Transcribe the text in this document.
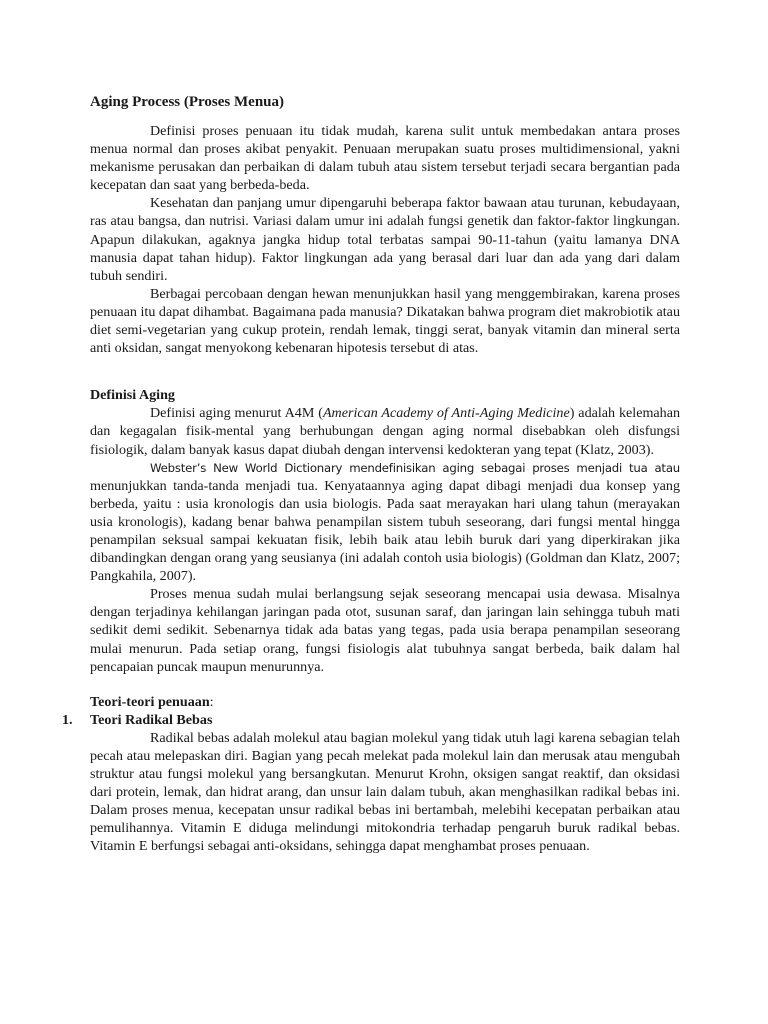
Aging Process (Proses Menua)

Definisi proses penuaan itu tidak mudah, karena sulit untuk membedakan antara proses menua normal dan proses akibat penyakit. Penuaan merupakan suatu proses multidimensional, yakni mekanisme perusakan dan perbaikan di dalam tubuh atau sistem tersebut terjadi secara bergantian pada kecepatan dan saat yang berbeda-beda.

Kesehatan dan panjang umur dipengaruhi beberapa faktor bawaan atau turunan, kebudayaan, ras atau bangsa, dan nutrisi. Variasi dalam umur ini adalah fungsi genetik dan faktor-faktor lingkungan. Apapun dilakukan, agaknya jangka hidup total terbatas sampai 90-11-tahun (yaitu lamanya DNA manusia dapat tahan hidup). Faktor lingkungan ada yang berasal dari luar dan ada yang dari dalam tubuh sendiri.

Berbagai percobaan dengan hewan menunjukkan hasil yang menggembirakan, karena proses penuaan itu dapat dihambat. Bagaimana pada manusia? Dikatakan bahwa program diet makrobiotik atau diet semi-vegetarian yang cukup protein, rendah lemak, tinggi serat, banyak vitamin dan mineral serta anti oksidan, sangat menyokong kebenaran hipotesis tersebut di atas.

Definisi Aging

Definisi aging menurut A4M (American Academy of Anti-Aging Medicine) adalah kelemahan dan kegagalan fisik-mental yang berhubungan dengan aging normal disebabkan oleh disfungsi fisiologik, dalam banyak kasus dapat diubah dengan intervensi kedokteran yang tepat (Klatz, 2003).

Webster’s New World Dictionary mendefinisikan aging sebagai proses menjadi tua atau menunjukkan tanda-tanda menjadi tua. Kenyataannya aging dapat dibagi menjadi dua konsep yang berbeda, yaitu : usia kronologis dan usia biologis. Pada saat merayakan hari ulang tahun (merayakan usia kronologis), kadang benar bahwa penampilan sistem tubuh seseorang, dari fungsi mental hingga penampilan seksual sampai kekuatan fisik, lebih baik atau lebih buruk dari yang diperkirakan jika dibandingkan dengan orang yang seusianya (ini adalah contoh usia biologis) (Goldman dan Klatz, 2007; Pangkahila, 2007).

Proses menua sudah mulai berlangsung sejak seseorang mencapai usia dewasa. Misalnya dengan terjadinya kehilangan jaringan pada otot, susunan saraf, dan jaringan lain sehingga tubuh mati sedikit demi sedikit. Sebenarnya tidak ada batas yang tegas, pada usia berapa penampilan seseorang mulai menurun. Pada setiap orang, fungsi fisiologis alat tubuhnya sangat berbeda, baik dalam hal pencapaian puncak maupun menurunnya.

Teori-teori penuaan:

1. Teori Radikal Bebas

Radikal bebas adalah molekul atau bagian molekul yang tidak utuh lagi karena sebagian telah pecah atau melepaskan diri. Bagian yang pecah melekat pada molekul lain dan merusak atau mengubah struktur atau fungsi molekul yang bersangkutan. Menurut Krohn, oksigen sangat reaktif, dan oksidasi dari protein, lemak, dan hidrat arang, dan unsur lain dalam tubuh, akan menghasilkan radikal bebas ini. Dalam proses menua, kecepatan unsur radikal bebas ini bertambah, melebihi kecepatan perbaikan atau pemulihannya. Vitamin E diduga melindungi mitokondria terhadap pengaruh buruk radikal bebas. Vitamin E berfungsi sebagai anti-oksidans, sehingga dapat menghambat proses penuaan.
